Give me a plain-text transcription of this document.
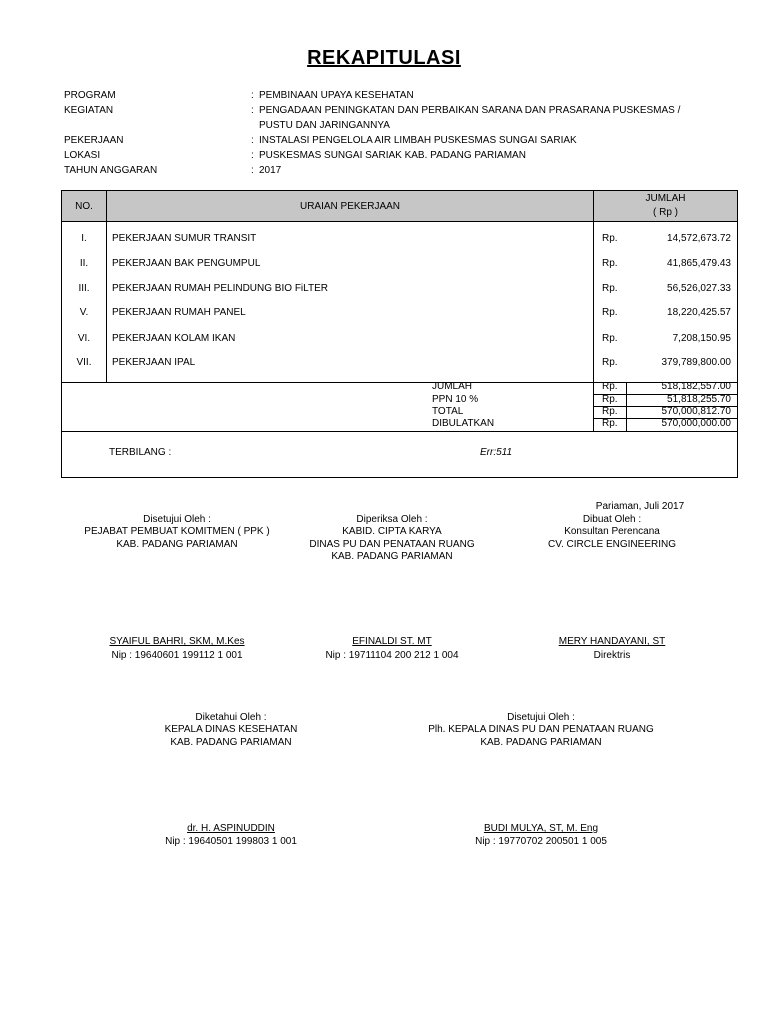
REKAPITULASI
PROGRAM	: PEMBINAAN UPAYA KESEHATAN
KEGIATAN	: PENGADAAN PENINGKATAN DAN PERBAIKAN SARANA DAN PRASARANA PUSKESMAS /
PUSTU DAN JARINGANNYA
PEKERJAAN	: INSTALASI PENGELOLA AIR LIMBAH PUSKESMAS SUNGAI SARIAK
LOKASI	: PUSKESMAS SUNGAI SARIAK KAB. PADANG PARIAMAN
TAHUN ANGGARAN	: 2017
NO.	URAIAN PEKERJAAN
JUMLAH
( Rp )
I.	PEKERJAAN SUMUR TRANSIT	Rp.	14,572,673.72
II.	PEKERJAAN BAK PENGUMPUL	Rp.	41,865,479.43
III.	PEKERJAAN RUMAH PELINDUNG BIO FiLTER	Rp.	56,526,027.33
V.	PEKERJAAN RUMAH PANEL	Rp.	18,220,425.57
VI.	PEKERJAAN KOLAM IKAN	Rp.	7,208,150.95
VII.	PEKERJAAN IPAL	Rp.	379,789,800.00
JUMLAH	Rp.	518,182,557.00
PPN 10 %	Rp.	51,818,255.70
TOTAL	Rp.	570,000,812.70
DIBULATKAN	Rp.	570,000,000.00
TERBILANG :	Err:511
Pariaman, Juli 2017
Disetujui Oleh :
PEJABAT PEMBUAT KOMITMEN ( PPK )
KAB. PADANG PARIAMAN
SYAIFUL BAHRI, SKM, M.Kes
Nip : 19640601 199112 1 001
Diperiksa Oleh :
KABID. CIPTA KARYA
DINAS PU DAN PENATAAN RUANG
KAB. PADANG PARIAMAN
EFINALDI ST. MT
Nip : 19711104 200 212 1 004
Dibuat Oleh :
Konsultan Perencana
CV. CIRCLE ENGINEERING
MERY HANDAYANI, ST
Direktris
Diketahui Oleh :
KEPALA DINAS KESEHATAN
KAB. PADANG PARIAMAN
dr. H. ASPINUDDIN
Nip : 19640501 199803 1 001
Disetujui Oleh :
Plh. KEPALA DINAS PU DAN PENATAAN RUANG
KAB. PADANG PARIAMAN
BUDI MULYA, ST, M. Eng
Nip : 19770702 200501 1 005
